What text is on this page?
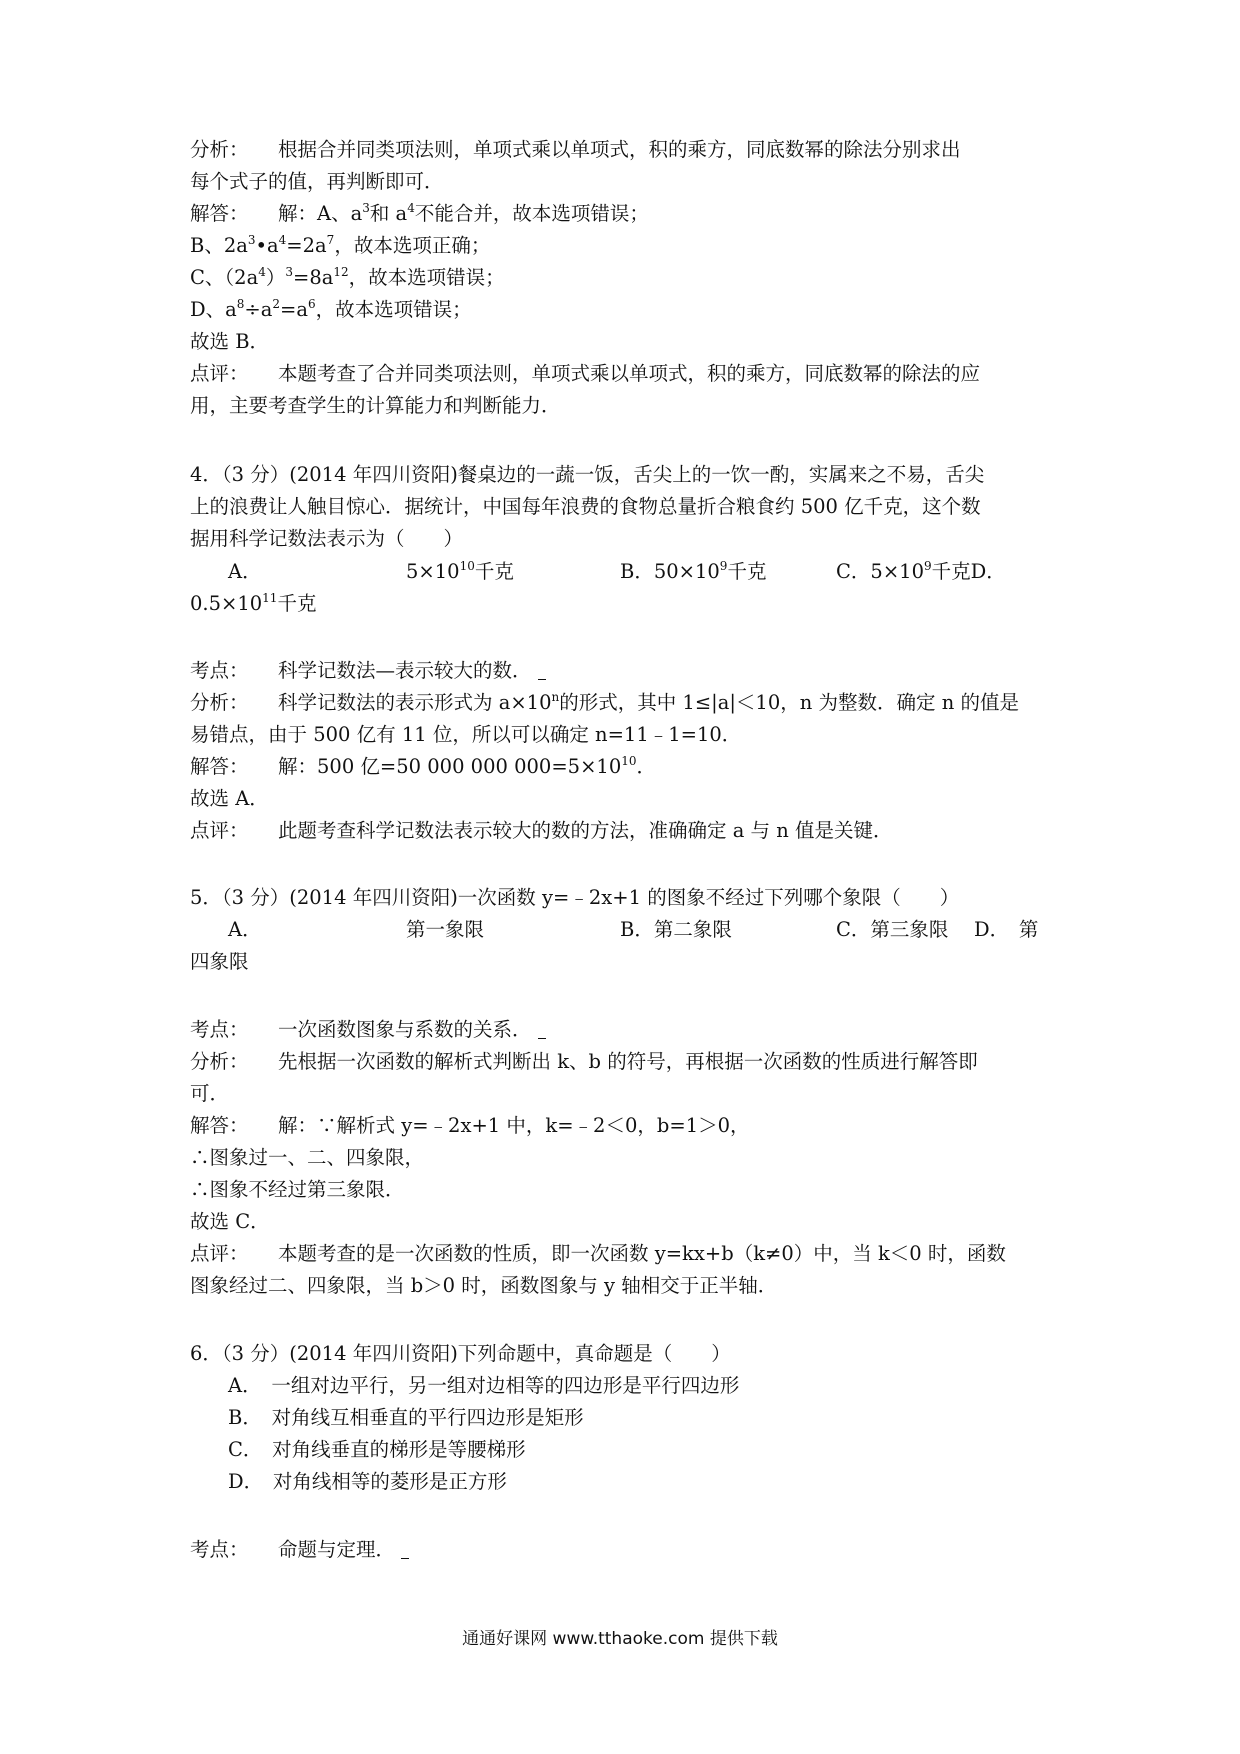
分析： 根据合并同类项法则，单项式乘以单项式，积的乘方，同底数幂的除法分别求出
每个式子的值，再判断即可．
解答： 解：A、$a^3$和 $a^4$不能合并，故本选项错误；
B、$2a^3•a^4=2a^7$，故本选项正确；
C、$(2a^4)^3=8a^{12}$，故本选项错误；
D、$a^8\div a^2=a^6$，故本选项错误；
故选 B．
点评： 本题考查了合并同类项法则，单项式乘以单项式，积的乘方，同底数幂的除法的应
用，主要考查学生的计算能力和判断能力．
4．（3 分）(2014 年四川资阳)餐桌边的一蔬一饭，舌尖上的一饮一酌，实属来之不易，舌尖
上的浪费让人触目惊心．据统计，中国每年浪费的食物总量折合粮食约 500 亿千克，这个数
据用科学记数法表示为（　　）
A．	$5\times 10^{10}$千克	B．$50\times 10^9$千克	C．$5\times 10^9$千克D．
$0.5\times 10^{11}$千克
考点： 科学记数法—表示较大的数．
分析： 科学记数法的表示形式为 $a\times 10^n$的形式，其中 1≤|a|＜10，n 为整数．确定 n 的值是
易错点，由于 500 亿有 11 位，所以可以确定 n=11﹣1=10．
解答： 解：500 亿=50 000 000 $000=5\times 10^{10}$．
故选 A．
点评： 此题考查科学记数法表示较大的数的方法，准确确定 a 与 n 值是关键．
5．（3 分）(2014 年四川资阳)一次函数 y=﹣2x+1 的图象不经过下列哪个象限（　　）
A．	第一象限	B．第二象限	C．第三象限 D．　第
四象限
考点： 一次函数图象与系数的关系．
分析： 先根据一次函数的解析式判断出 k、b 的符号，再根据一次函数的性质进行解答即
可．
解答： 解：∵解析式 y=﹣2x+1 中，k=﹣2＜0，b=1＞0，
∴图象过一、二、四象限，
∴图象不经过第三象限．
故选 C．
点评： 本题考查的是一次函数的性质，即一次函数 y=kx+b（k≠0）中，当 k＜0 时，函数
图象经过二、四象限，当 b＞0 时，函数图象与 y 轴相交于正半轴．
6．（3 分）(2014 年四川资阳)下列命题中，真命题是（　　）
A．　一组对边平行，另一组对边相等的四边形是平行四边形
B．　对角线互相垂直的平行四边形是矩形
C．　对角线垂直的梯形是等腰梯形
D．　对角线相等的菱形是正方形
考点： 命题与定理．
通通好课网 www.tthaoke.com 提供下载
